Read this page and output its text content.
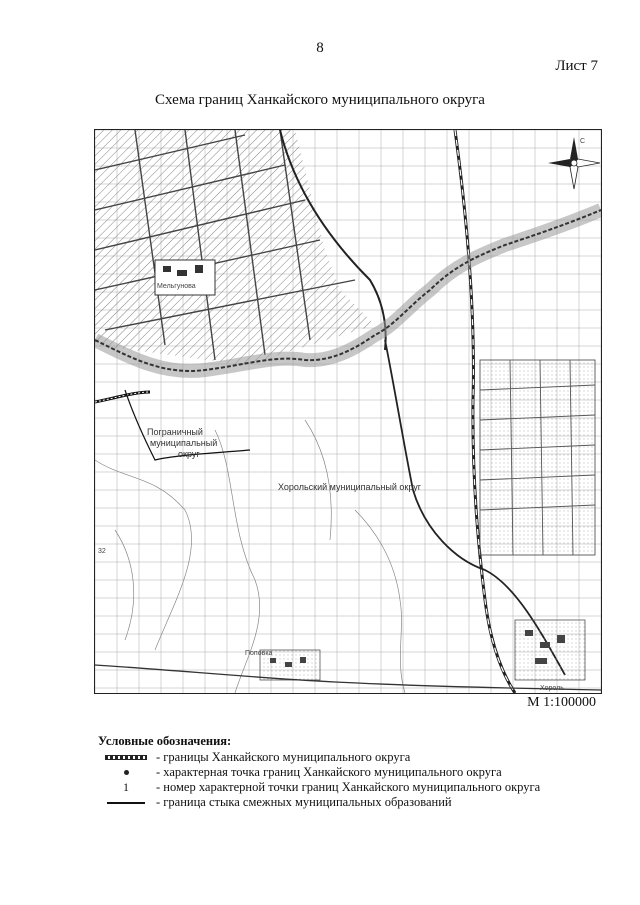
8
Лист 7
Схема границ Ханкайского муниципального округа
С
Пограничный
муниципальный
округ
Хорольский муниципальный округ
Мельгунова
Поповка
Хороль
32
М 1:100000
Условные обозначения:
- границы Ханкайского муниципального округа
- характерная точка границ Ханкайского муниципального округа
1 - номер характерной точки границ Ханкайского муниципального округа
- граница стыка смежных муниципальных образований
